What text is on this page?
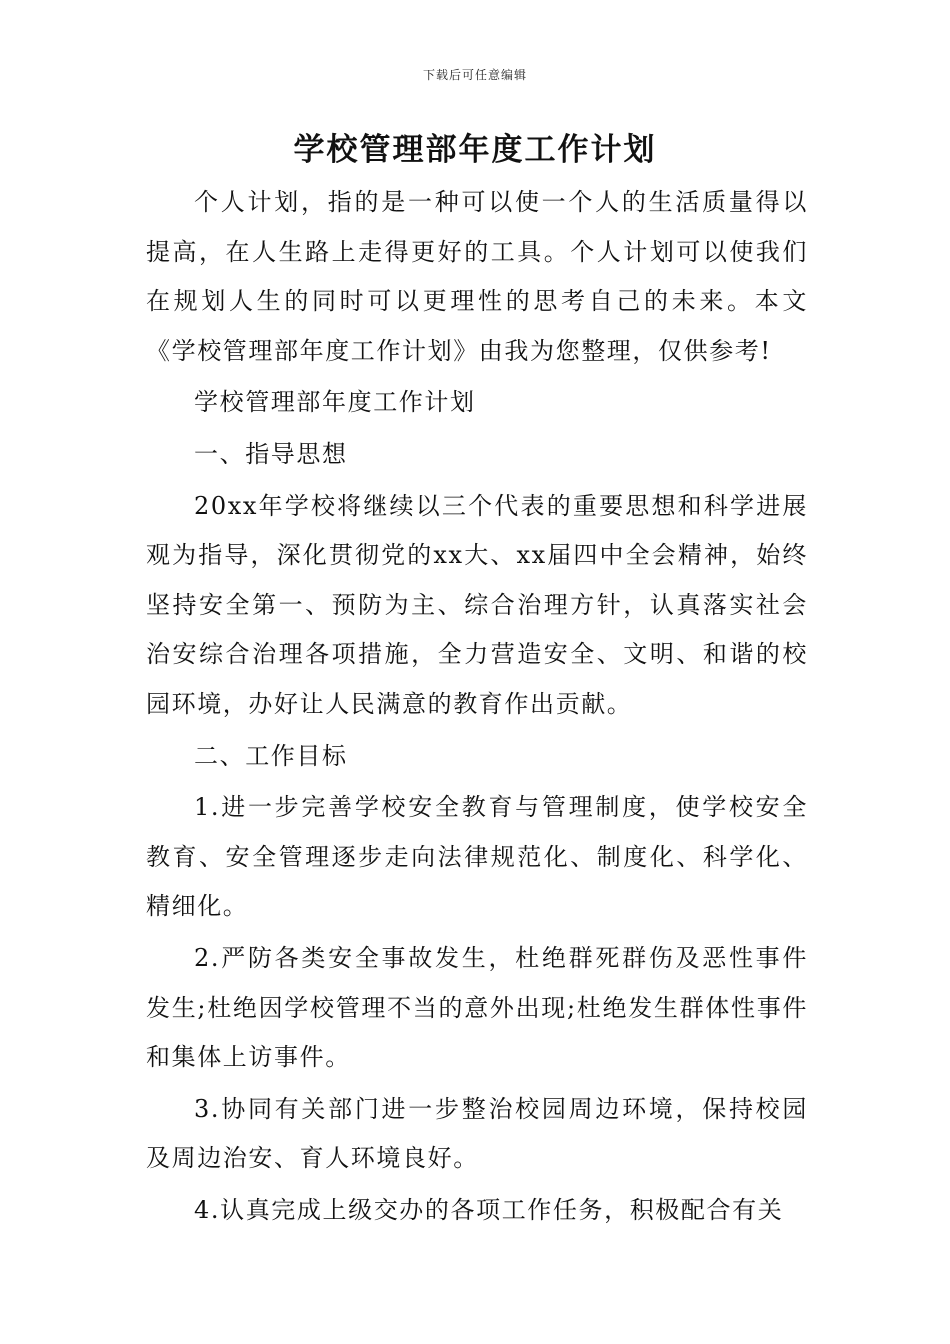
下载后可任意编辑
学校管理部年度工作计划

个人计划，指的是一种可以使一个人的生活质量得以提高，在人生路上走得更好的工具。个人计划可以使我们在规划人生的同时可以更理性的思考自己的未来。本文《学校管理部年度工作计划》由我为您整理，仅供参考!

学校管理部年度工作计划

一、指导思想

20xx年学校将继续以三个代表的重要思想和科学进展观为指导，深化贯彻党的xx大、xx届四中全会精神，始终坚持安全第一、预防为主、综合治理方针，认真落实社会治安综合治理各项措施，全力营造安全、文明、和谐的校园环境，办好让人民满意的教育作出贡献。

二、工作目标

1.进一步完善学校安全教育与管理制度，使学校安全教育、安全管理逐步走向法律规范化、制度化、科学化、精细化。

2.严防各类安全事故发生，杜绝群死群伤及恶性事件发生;杜绝因学校管理不当的意外出现;杜绝发生群体性事件和集体上访事件。

3.协同有关部门进一步整治校园周边环境，保持校园及周边治安、育人环境良好。

4.认真完成上级交办的各项工作任务，积极配合有关
